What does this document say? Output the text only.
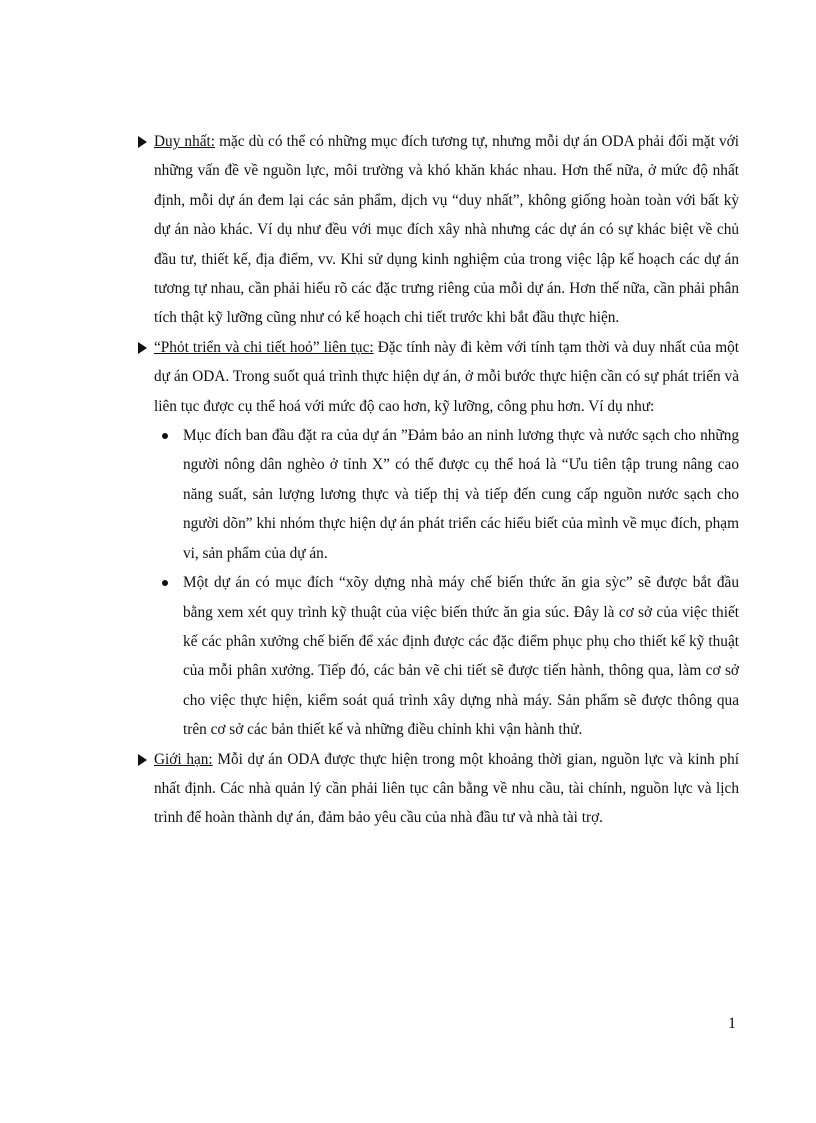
Duy nhất: mặc dù có thể có những mục đích tương tự, nhưng mỗi dự án ODA phải đối mặt với những vấn đề về nguồn lực, môi trường và khó khăn khác nhau. Hơn thế nữa, ở mức độ nhất định, mỗi dự án đem lại các sản phẩm, dịch vụ “duy nhất”, không giống hoàn toàn với bất kỳ dự án nào khác. Ví dụ như đều với mục đích xây nhà nhưng các dự án có sự khác biệt về chủ đầu tư, thiết kế, địa điểm, vv. Khi sử dụng kinh nghiệm của trong việc lập kế hoạch các dự án tương tự nhau, cần phải hiểu rõ các đặc trưng riêng của mỗi dự án. Hơn thế nữa, cần phải phân tích thật kỹ lưỡng cũng như có kế hoạch chi tiết trước khi bắt đầu thực hiện.
“Phỏt triển và chi tiết hoỏ” liên tục: Đặc tính này đi kèm với tính tạm thời và duy nhất của một dự án ODA. Trong suốt quá trình thực hiện dự án, ở mỗi bước thực hiện cần có sự phát triển và liên tục được cụ thể hoá với mức độ cao hơn, kỹ lưỡng, công phu hơn. Ví dụ như:
Mục đích ban đầu đặt ra của dự án ”Đảm bảo an ninh lương thực và nước sạch cho những người nông dân nghèo ở tỉnh X” có thể được cụ thể hoá là “Ưu tiên tập trung nâng cao năng suất, sản lượng lương thực và tiếp thị và tiếp đến cung cấp nguồn nước sạch cho người dõn” khi nhóm thực hiện dự án phát triển các hiểu biết của mình về mục đích, phạm vi, sản phẩm của dự án.
Một dự án có mục đích “xõy dựng nhà máy chế biến thức ăn gia sỳc” sẽ được bắt đầu bằng xem xét quy trình kỹ thuật của việc biến thức ăn gia súc. Đây là cơ sở của việc thiết kế các phân xưởng chế biến để xác định được các đặc điểm phục phụ cho thiết kế kỹ thuật của mỗi phân xưởng. Tiếp đó, các bản vẽ chi tiết sẽ được tiến hành, thông qua, làm cơ sở cho việc thực hiện, kiểm soát quá trình xây dựng nhà máy. Sản phẩm sẽ được thông qua trên cơ sở các bản thiết kế và những điều chỉnh khi vận hành thử.
Giới hạn: Mỗi dự án ODA được thực hiện trong một khoảng thời gian, nguồn lực và kinh phí nhất định. Các nhà quản lý cần phải liên tục cân bằng về nhu cầu, tài chính, nguồn lực và lịch trình để hoàn thành dự án, đảm bảo yêu cầu của nhà đầu tư và nhà tài trợ.
1
